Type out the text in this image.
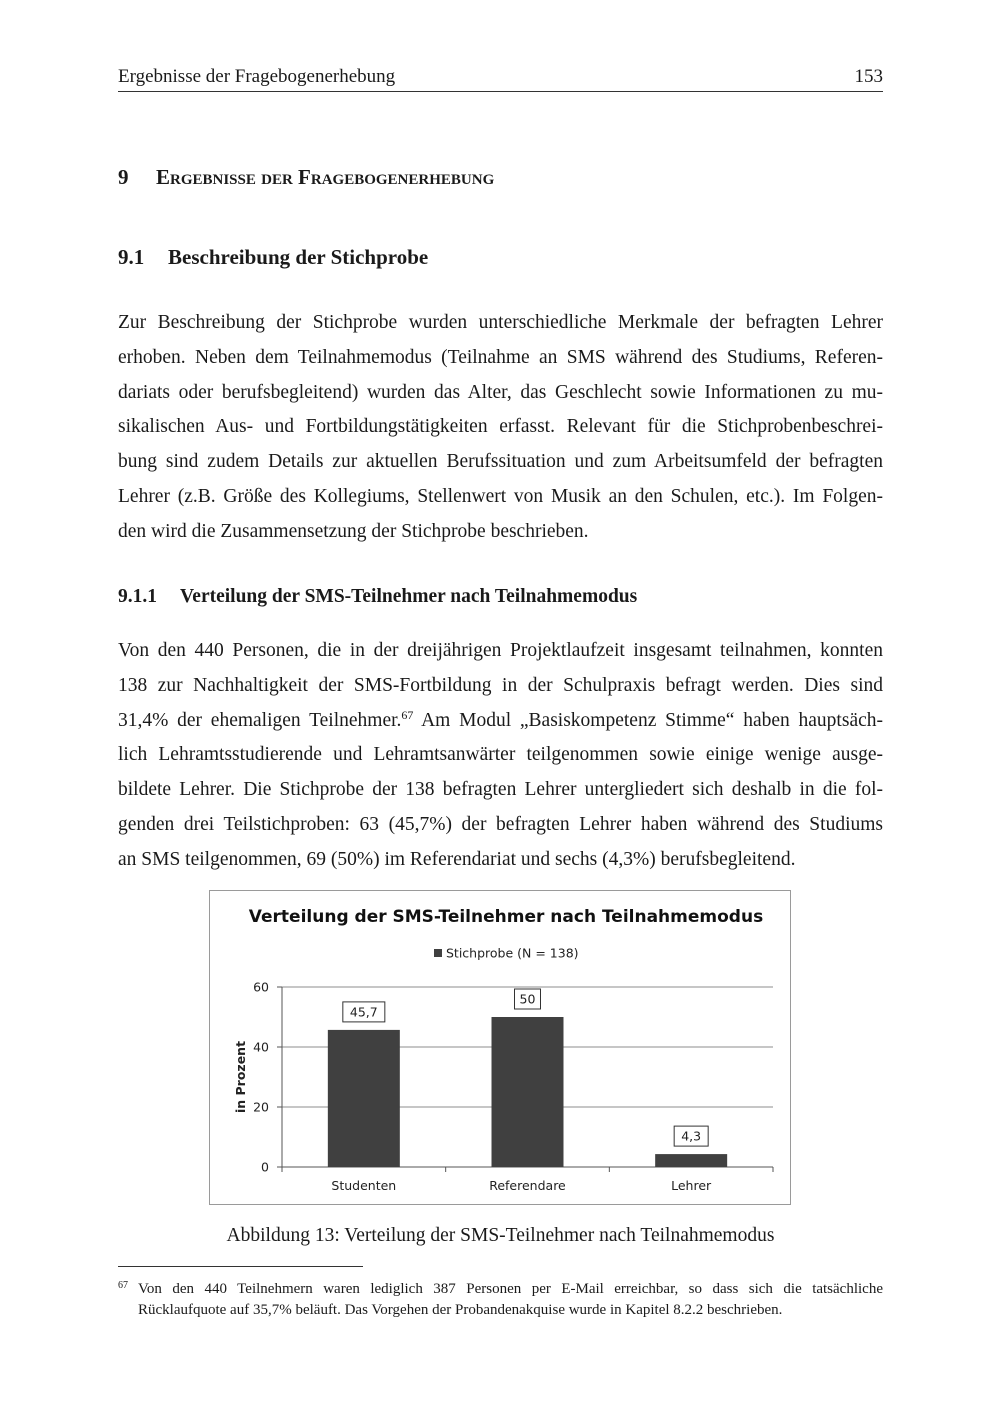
Ergebnisse der Fragebogenerhebung	153
9 Ergebnisse der Fragebogenerhebung
9.1 Beschreibung der Stichprobe
Zur Beschreibung der Stichprobe wurden unterschiedliche Merkmale der befragten Lehrer
erhoben. Neben dem Teilnahmemodus (Teilnahme an SMS während des Studiums, Referen-
dariats oder berufsbegleitend) wurden das Alter, das Geschlecht sowie Informationen zu mu-
sikalischen Aus- und Fortbildungstätigkeiten erfasst. Relevant für die Stichprobenbeschrei-
bung sind zudem Details zur aktuellen Berufssituation und zum Arbeitsumfeld der befragten
Lehrer (z.B. Größe des Kollegiums, Stellenwert von Musik an den Schulen, etc.). Im Folgen-
den wird die Zusammensetzung der Stichprobe beschrieben.
9.1.1 Verteilung der SMS-Teilnehmer nach Teilnahmemodus
Von den 440 Personen, die in der dreijährigen Projektlaufzeit insgesamt teilnahmen, konnten
138 zur Nachhaltigkeit der SMS-Fortbildung in der Schulpraxis befragt werden. Dies sind
31,4% der ehemaligen Teilnehmer.$^{67}$ Am Modul „Basiskompetenz Stimme“ haben hauptsäch-
lich Lehramtsstudierende und Lehramtsanwärter teilgenommen sowie einige wenige ausge-
bildete Lehrer. Die Stichprobe der 138 befragten Lehrer untergliedert sich deshalb in die fol-
genden drei Teilstichproben: 63 (45,7%) der befragten Lehrer haben während des Studiums
an SMS teilgenommen, 69 (50%) im Referendariat und sechs (4,3%) berufsbegleitend.
Verteilung der SMS-Teilnehmer nach Teilnahmemodus
Stichprobe (N = 138)
in Prozent
0
20
40
60
Studenten	Referendare	Lehrer
45,7
50
4,3
Abbildung 13: Verteilung der SMS-Teilnehmer nach Teilnahmemodus
67 Von den 440 Teilnehmern waren lediglich 387 Personen per E-Mail erreichbar, so dass sich die tatsächliche
Rücklaufquote auf 35,7% beläuft. Das Vorgehen der Probandenakquise wurde in Kapitel 8.2.2 beschrieben.
